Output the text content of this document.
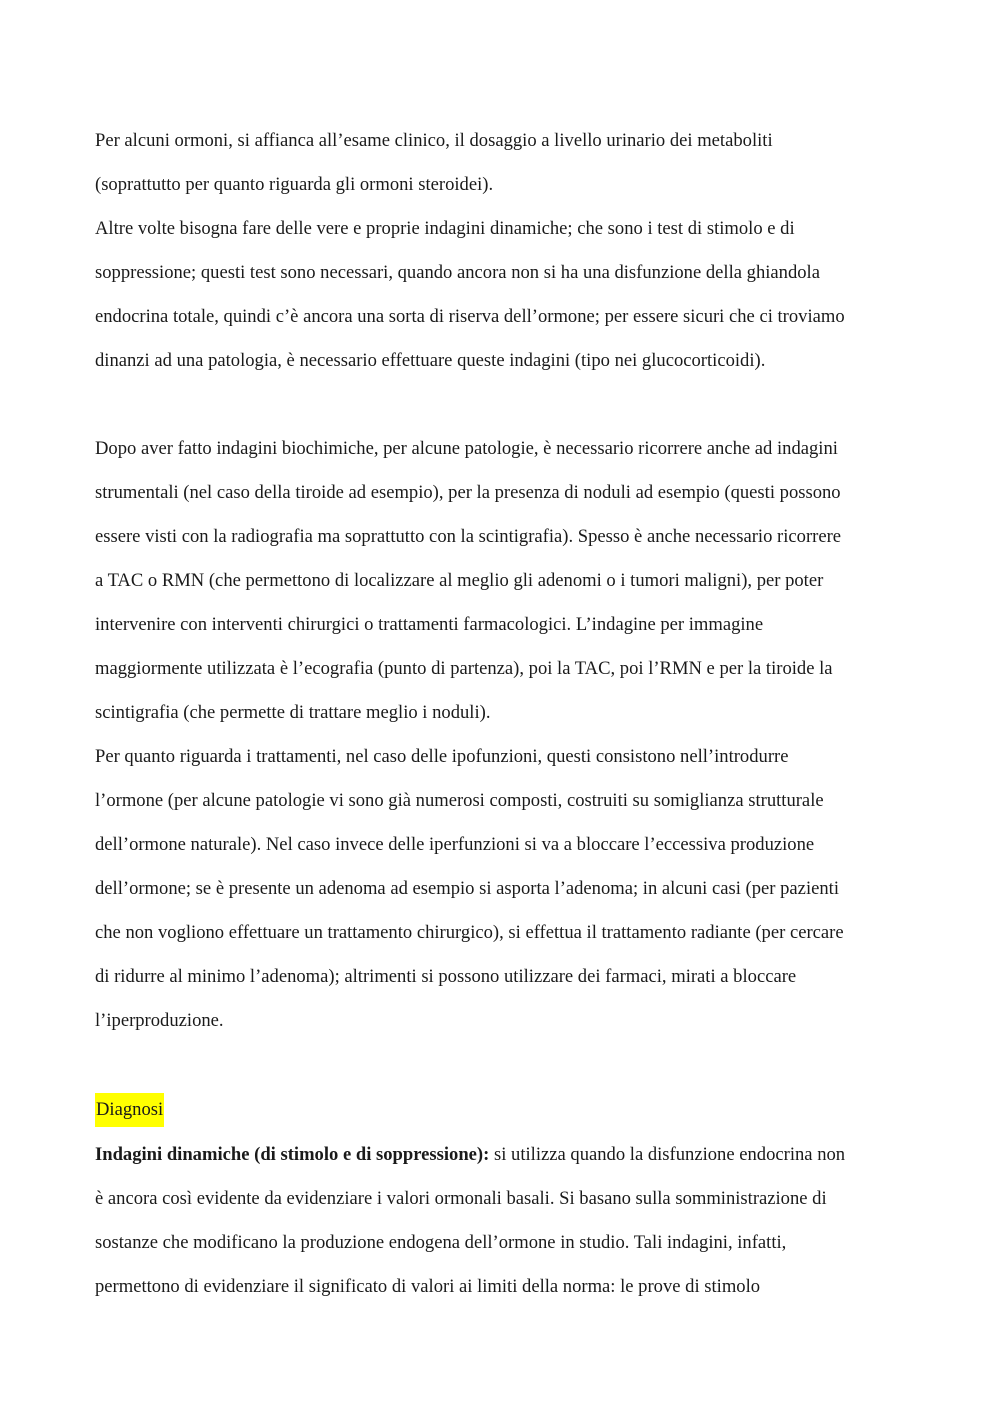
Per alcuni ormoni, si affianca all’esame clinico, il dosaggio a livello urinario dei metaboliti
(soprattutto per quanto riguarda gli ormoni steroidei).
Altre volte bisogna fare delle vere e proprie indagini dinamiche; che sono i test di stimolo e di
soppressione; questi test sono necessari, quando ancora non si ha una disfunzione della ghiandola
endocrina totale, quindi c’è ancora una sorta di riserva dell’ormone; per essere sicuri che ci troviamo
dinanzi ad una patologia, è necessario effettuare queste indagini (tipo nei glucocorticoidi).
Dopo aver fatto indagini biochimiche, per alcune patologie, è necessario ricorrere anche ad indagini
strumentali (nel caso della tiroide ad esempio), per la presenza di noduli ad esempio (questi possono
essere visti con la radiografia ma soprattutto con la scintigrafia). Spesso è anche necessario ricorrere
a TAC o RMN (che permettono di localizzare al meglio gli adenomi o i tumori maligni), per poter
intervenire con interventi chirurgici o trattamenti farmacologici. L’indagine per immagine
maggiormente utilizzata è l’ecografia (punto di partenza), poi la TAC, poi l’RMN e per la tiroide la
scintigrafia (che permette di trattare meglio i noduli).
Per quanto riguarda i trattamenti, nel caso delle ipofunzioni, questi consistono nell’introdurre
l’ormone (per alcune patologie vi sono già numerosi composti, costruiti su somiglianza strutturale
dell’ormone naturale). Nel caso invece delle iperfunzioni si va a bloccare l’eccessiva produzione
dell’ormone; se è presente un adenoma ad esempio si asporta l’adenoma; in alcuni casi (per pazienti
che non vogliono effettuare un trattamento chirurgico), si effettua il trattamento radiante (per cercare
di ridurre al minimo l’adenoma); altrimenti si possono utilizzare dei farmaci, mirati a bloccare
l’iperproduzione.
Diagnosi
Indagini dinamiche (di stimolo e di soppressione): si utilizza quando la disfunzione endocrina non
è ancora così evidente da evidenziare i valori ormonali basali. Si basano sulla somministrazione di
sostanze che modificano la produzione endogena dell’ormone in studio. Tali indagini, infatti,
permettono di evidenziare il significato di valori ai limiti della norma: le prove di stimolo
